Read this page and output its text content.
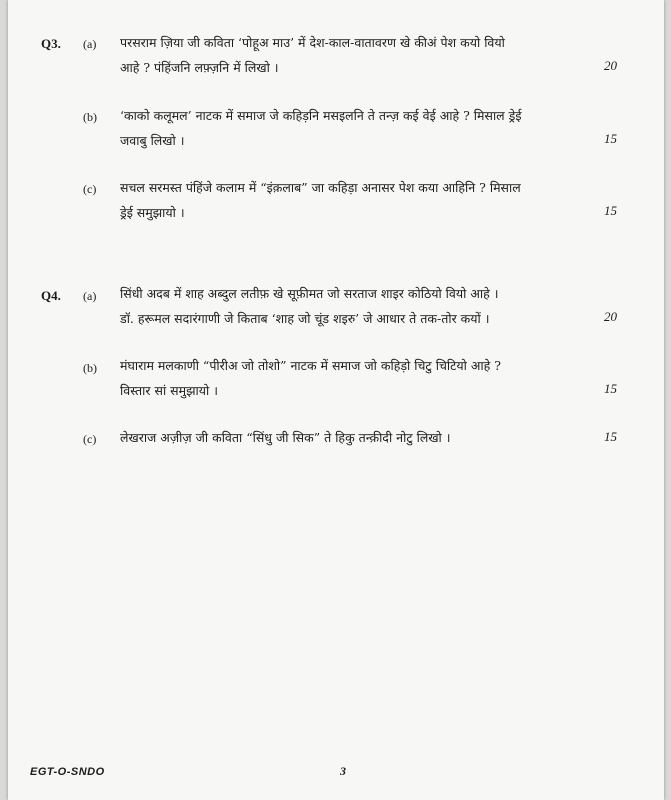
Q3. (a) परसराम ज़िया जी कविता ‘पोहूअ माउ’ में देश-काल-वातावरण खे कीअं पेश कयो वियो
आहे ? पंहिंजनि लफ़्ज़नि में लिखो ।	20
(b) ‘काको कलूमल’ नाटक में समाज जे कहिड़नि मसइलनि ते तन्ज़ कई वेई आहे ? मिसाल ड्रेई
जवाबु लिखो ।	15
(c) सचल सरमस्त पंहिंजे कलाम में “इंक़लाब” जा कहिड़ा अनासर पेश कया आहिनि ? मिसाल
ड्रेई समुझायो ।	15
Q4. (a) सिंधी अदब में शाह अब्दुल लतीफ़ खे सूफ़ीमत जो सरताज शाइर कोठियो वियो आहे ।
डॉ. हरूमल सदारंगाणी जे किताब ‘शाह जो चूंड शइरु’ जे आधार ते तक-तोर कयों ।	20
(b) मंघाराम मलकाणी “पीरीअ जो तोशो” नाटक में समाज जो कहिड़ो चिटु चिटियो आहे ?
विस्तार सां समुझायो ।	15
(c) लेखराज अज़ीज़ जी कविता “सिंधु जी सिक” ते हिकु तन्क़ीदी नोटु लिखो ।	15
EGT-O-SNDO	3
